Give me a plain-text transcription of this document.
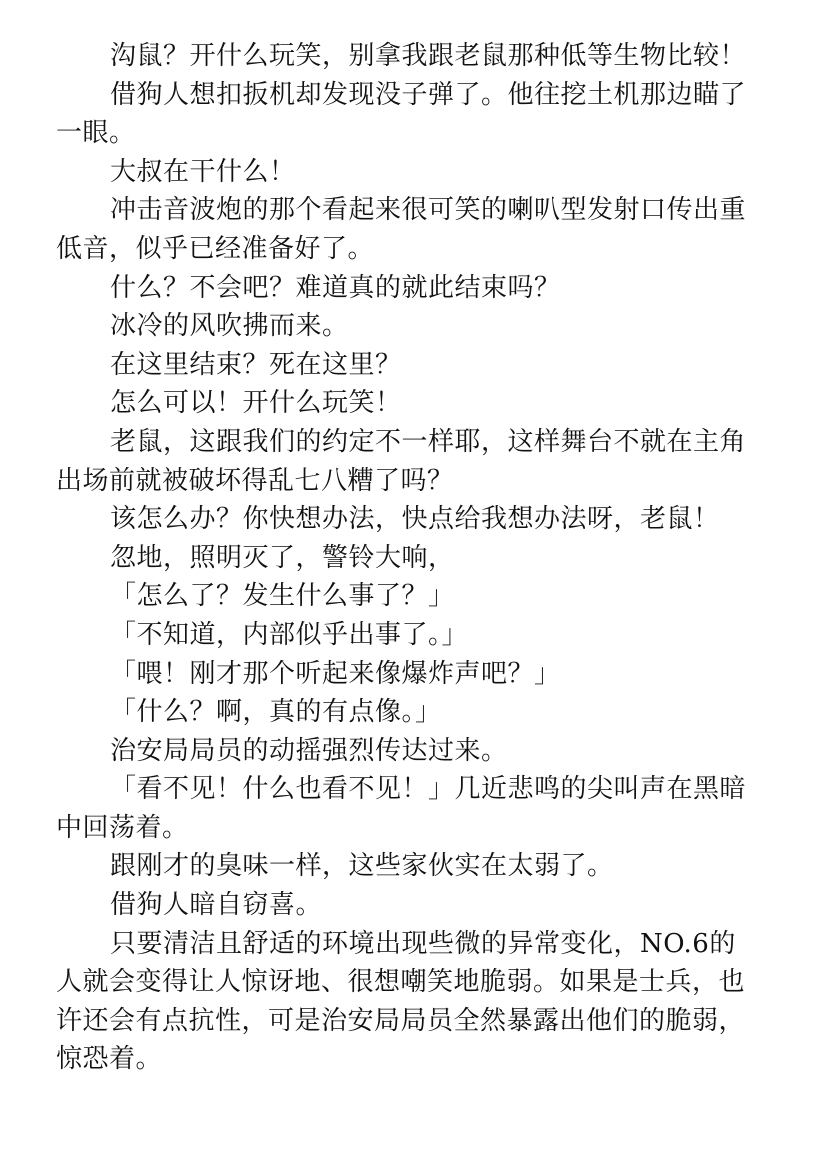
沟鼠？开什么玩笑，别拿我跟老鼠那种低等生物比较！

借狗人想扣扳机却发现没子弹了。他往挖土机那边瞄了一眼。

大叔在干什么！

冲击音波炮的那个看起来很可笑的喇叭型发射口传出重低音，似乎已经准备好了。

什么？不会吧？难道真的就此结束吗？

冰冷的风吹拂而来。

在这里结束？死在这里？

怎么可以！开什么玩笑！

老鼠，这跟我们的约定不一样耶，这样舞台不就在主角出场前就被破坏得乱七八糟了吗？

该怎么办？你快想办法，快点给我想办法呀，老鼠！

忽地，照明灭了，警铃大响，

「怎么了？发生什么事了？」

「不知道，内部似乎出事了。」

「喂！刚才那个听起来像爆炸声吧？」

「什么？啊，真的有点像。」

治安局局员的动摇强烈传达过来。

「看不见！什么也看不见！」几近悲鸣的尖叫声在黑暗中回荡着。

跟刚才的臭味一样，这些家伙实在太弱了。

借狗人暗自窃喜。

只要清洁且舒适的环境出现些微的异常变化，NO.6的人就会变得让人惊讶地、很想嘲笑地脆弱。如果是士兵，也许还会有点抗性，可是治安局局员全然暴露出他们的脆弱，惊恐着。
